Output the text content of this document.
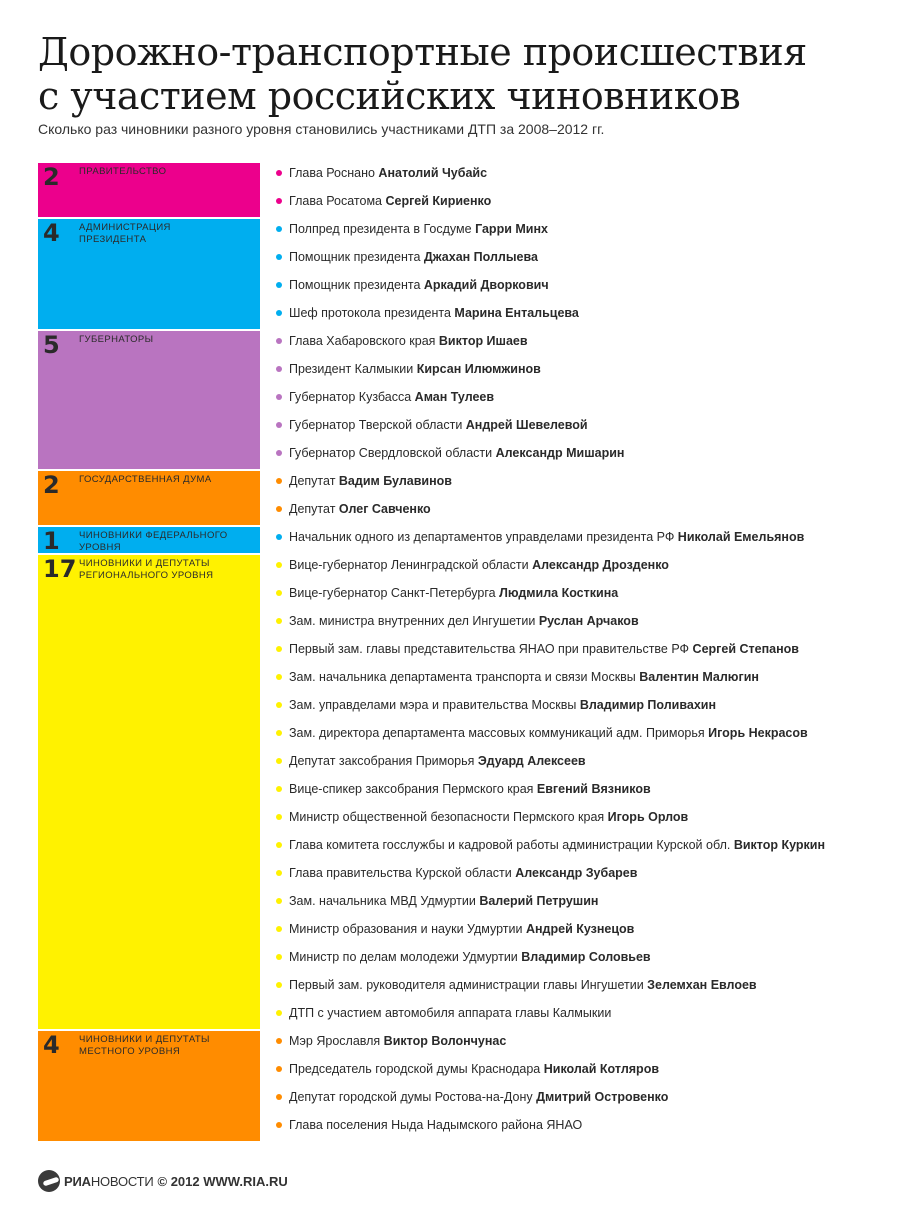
Дорожно-транспортные происшествия
с участием российских чиновников
Сколько раз чиновники разного уровня становились участниками ДТП за 2008–2012 гг.
2 ПРАВИТЕЛЬСТВО	Глава Роснано Анатолий Чубайс
Глава Росатома Сергей Кириенко
4 АДМИНИСТРАЦИЯ
ПРЕЗИДЕНТА
Полпред президента в Госдуме Гарри Минх
Помощник президента Джахан Поллыева
Помощник президента Аркадий Дворкович
Шеф протокола президента Марина Ентальцева
5 ГУБЕРНАТОРЫ	Глава Хабаровского края Виктор Ишаев
Президент Калмыкии Кирсан Илюмжинов
Губернатор Кузбасса Аман Тулеев
Губернатор Тверской области Андрей Шевелевой
Губернатор Свердловской области Александр Мишарин
2 ГОСУДАРСТВЕННАЯ ДУМА	Депутат Вадим Булавинов
Депутат Олег Савченко
1 ЧИНОВНИКИ ФЕДЕРАЛЬНОГО
УРОВНЯ
Начальник одного из департаментов управделами президента РФ Николай Емельянов
17 ЧИНОВНИКИ И ДЕПУТАТЫ
РЕГИОНАЛЬНОГО УРОВНЯ
Вице-губернатор Ленинградской области Александр Дрозденко
Вице-губернатор Санкт-Петербурга Людмила Косткина
Зам. министра внутренних дел Ингушетии Руслан Арчаков
Первый зам. главы представительства ЯНАО при правительстве РФ Сергей Степанов
Зам. начальника департамента транспорта и связи Москвы Валентин Малюгин
Зам. управделами мэра и правительства Москвы Владимир Поливахин
Зам. директора департамента массовых коммуникаций адм. Приморья Игорь Некрасов
Депутат заксобрания Приморья Эдуард Алексеев
Вице-спикер заксобрания Пермского края Евгений Вязников
Министр общественной безопасности Пермского края Игорь Орлов
Глава комитета госслужбы и кадровой работы администрации Курской обл. Виктор Куркин
Глава правительства Курской области Александр Зубарев
Зам. начальника МВД Удмуртии Валерий Петрушин
Министр образования и науки Удмуртии Андрей Кузнецов
Министр по делам молодежи Удмуртии Владимир Соловьев
Первый зам. руководителя администрации главы Ингушетии Зелемхан Евлоев
ДТП с участием автомобиля аппарата главы Калмыкии
4 ЧИНОВНИКИ И ДЕПУТАТЫ
МЕСТНОГО УРОВНЯ
Мэр Ярославля Виктор Волончунас
Председатель городской думы Краснодара Николай Котляров
Депутат городской думы Ростова-на-Дону Дмитрий Островенко
Глава поселения Ныда Надымского района ЯНАО
РИАНОВОСТИ © 2012 WWW.RIA.RU
